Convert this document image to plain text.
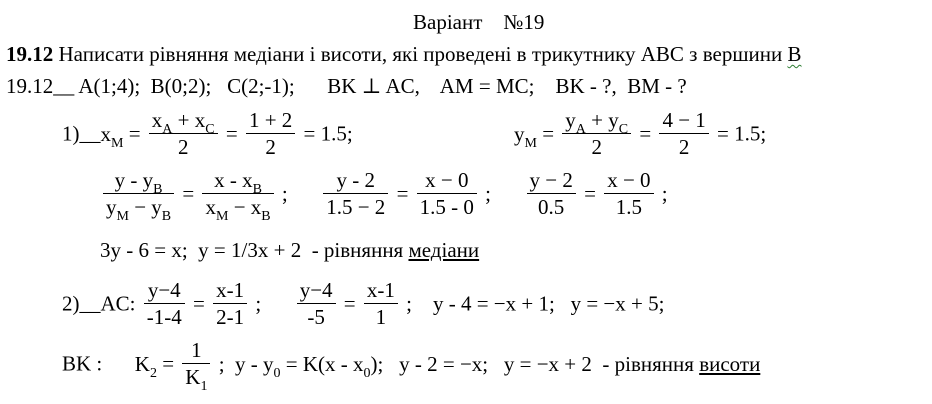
Варіант    №19
19.12 Написати рівняння медіани і висоти, які проведені в трикутнику АВС з вершини В
19.12__ A(1;4);  B(0;2);   C(2;-1); BK ⊥ AC,    AM = MC;    BK - ?,  BM - ?
$1)\_\_x_M = \frac{x_A + x_C}{2} = \frac{1 + 2}{2} = 1.5$;	$y_M = \frac{y_A + y_C}{2} = \frac{4 - 1}{2} = 1.5$;
$\frac{y - y_B}{y_M - y_B} = \frac{x - x_B}{x_M - x_B}$ ; $\frac{y - 2}{1.5 - 2} = \frac{x - 0}{1.5 - 0}$ ; $\frac{y - 2}{0.5} = \frac{x - 0}{1.5}$ ;
3y - 6 = x;  y = 1/3x + 2  - рівняння медіани
2)__AC: $\frac{y-4}{-1-4} = \frac{x-1}{2-1}$ ; $\frac{y-4}{-5} = \frac{x-1}{1}$ ;    y - 4 = −x + 1;   y = −x + 5;
BK : $K_2 = \frac{1}{K_1}$ ;  $y - y_0 = K(x - x_0)$;   y - 2 = −x;   y = −x + 2  - рівняння висоти
